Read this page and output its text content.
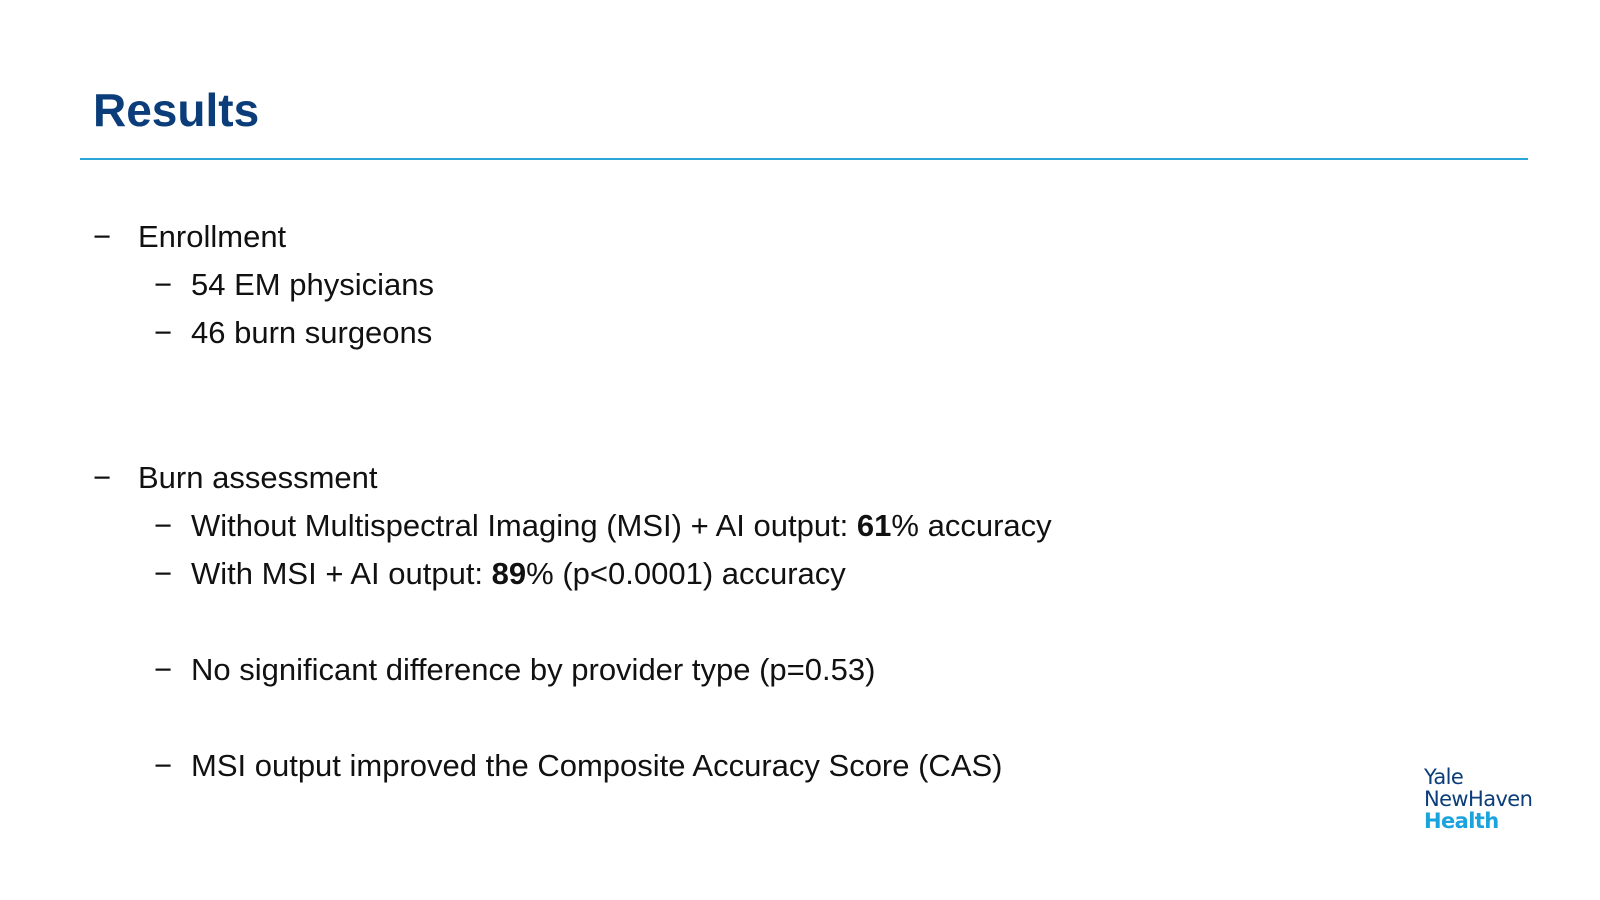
Results
− Enrollment
− 54 EM physicians
− 46 burn surgeons
− Burn assessment
− Without Multispectral Imaging (MSI) + AI output: 61% accuracy
− With MSI + AI output: 89% (p<0.0001) accuracy
− No significant difference by provider type (p=0.53)
− MSI output improved the Composite Accuracy Score (CAS)	Yale
NewHaven
Health
